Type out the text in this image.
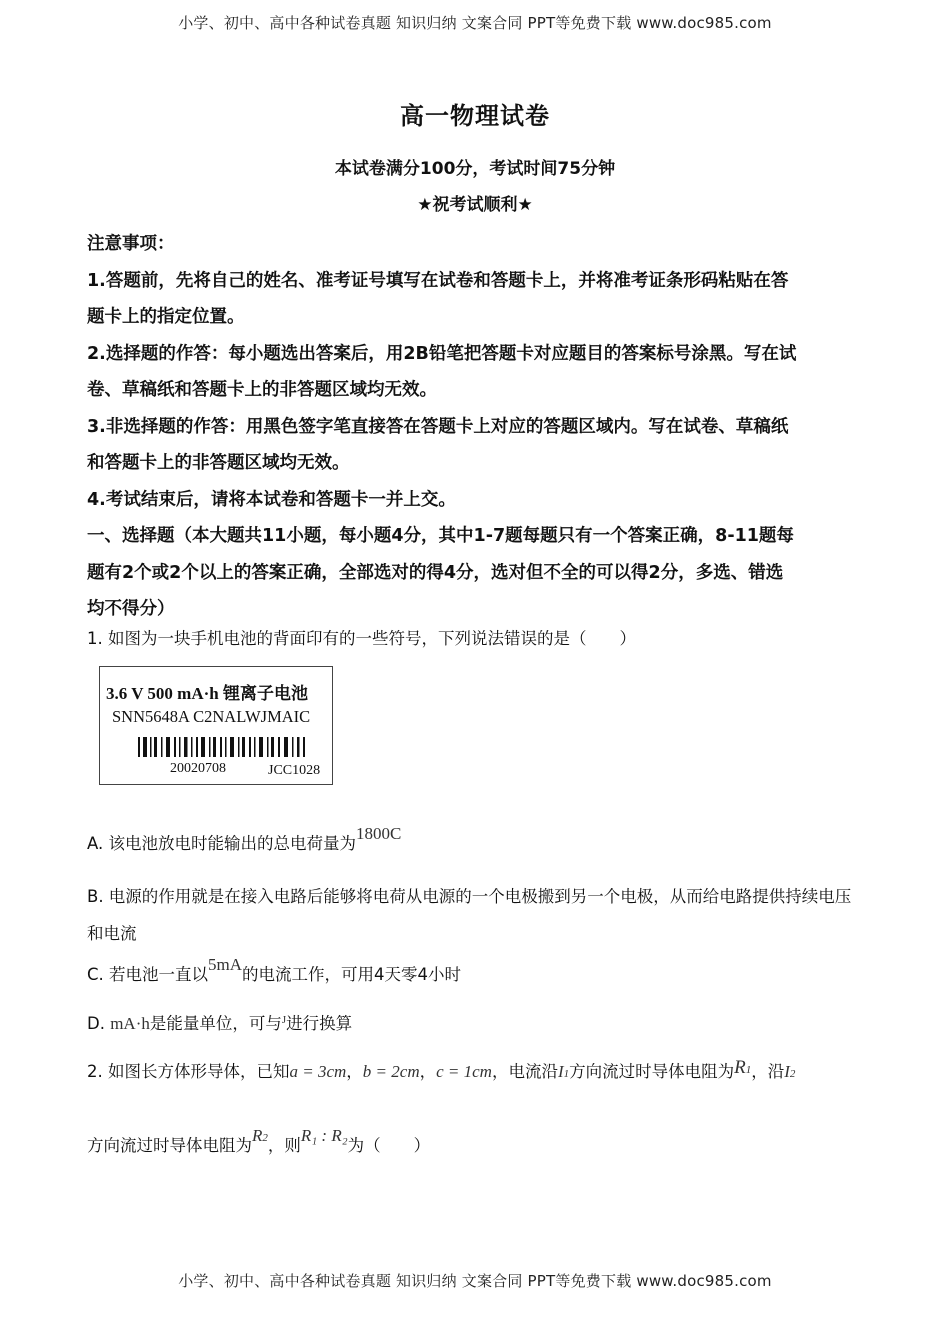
小学、初中、高中各种试卷真题 知识归纳 文案合同 PPT等免费下载 www.doc985.com
高一物理试卷
本试卷满分100分，考试时间75分钟
★祝考试顺利★
注意事项：
1.答题前，先将自己的姓名、准考证号填写在试卷和答题卡上，并将准考证条形码粘贴在答
题卡上的指定位置。
2.选择题的作答：每小题选出答案后，用2B铅笔把答题卡对应题目的答案标号涂黑。写在试
卷、草稿纸和答题卡上的非答题区域均无效。
3.非选择题的作答：用黑色签字笔直接答在答题卡上对应的答题区域内。写在试卷、草稿纸
和答题卡上的非答题区域均无效。
4.考试结束后，请将本试卷和答题卡一并上交。
一、选择题（本大题共11小题，每小题4分，其中1-7题每题只有一个答案正确，8-11题每
题有2个或2个以上的答案正确，全部选对的得4分，选对但不全的可以得2分，多选、错选
均不得分）
1. 如图为一块手机电池的背面印有的一些符号，下列说法错误的是（　　）
3.6 V 500 mA·h 锂离子电池
SNN5648A C2NALWJMAIC
20020708	JCC1028
A. 该电池放电时能输出的总电荷量为1800C
B. 电源的作用就是在接入电路后能够将电荷从电源的一个电极搬到另一个电极，从而给电路提供持续电压
和电流
C. 若电池一直以5mA的电流工作，可用4天零4小时
D. mA·h是能量单位，可与$^J$进行换算
2. 如图长方体形导体，已知a = 3cm，b = 2cm，c = 1cm，电流沿I1方向流过时导体电阻为R1，沿I2
方向流过时导体电阻为R2，则R₁ : R₂为（　　）
小学、初中、高中各种试卷真题 知识归纳 文案合同 PPT等免费下载 www.doc985.com
